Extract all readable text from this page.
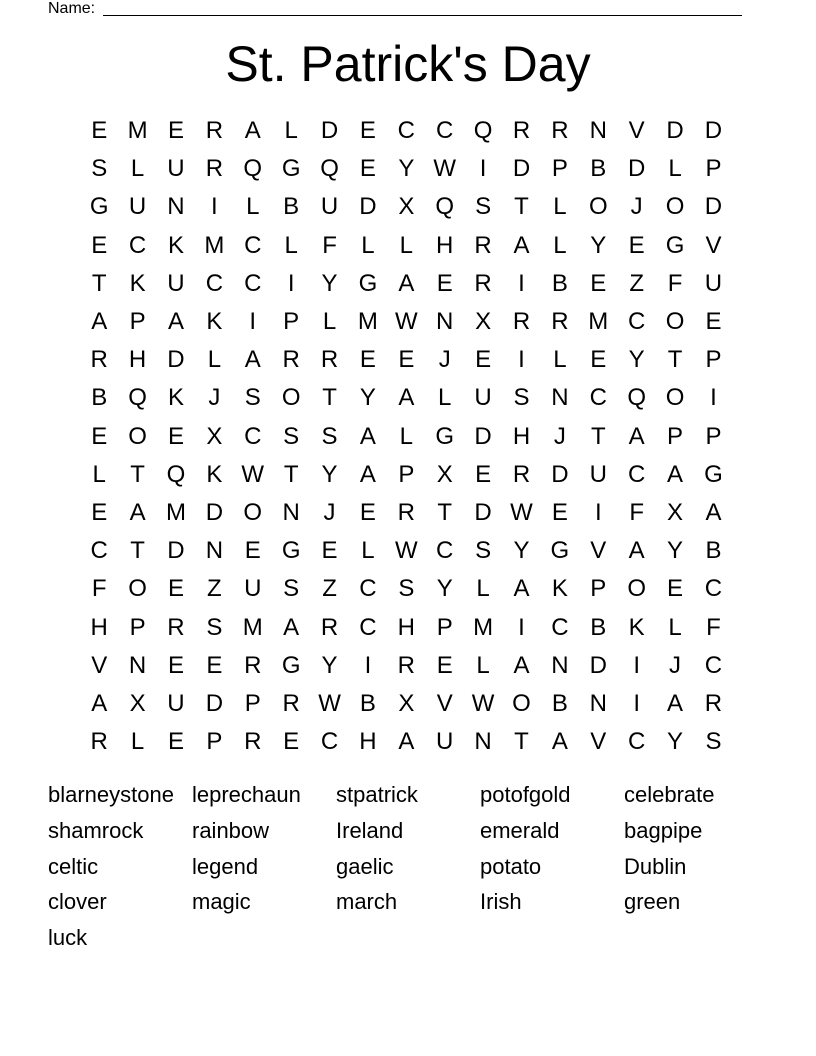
Name:
St. Patrick's Day
E M E R A L D E C C Q R R N V D D
S L U R Q G Q E Y W I	D P B D L P
G U N	I	L B U D X Q S T	L O J O D
E C K M C L	F	L	L H R A L Y E G V
T K U C C	I	Y G A E R	I	B E Z F U
A P A K	I	P L M W N X R R M C O E
R H D L A R R E E	J	E	I	L E Y T P
B Q K	J	S O T Y A L U S N C Q O	I
E O E X C S S A L G D H J	T A P P
L	T Q K W T Y A P X E R D U C A G
E A M D O N J	E R T D W E	I	F X A
C T D N E G E L W C S Y G V A Y B
F O E Z U S Z C S Y L A K P O E C
H P R S M A R C H P M	I	C B K L	F
V N E E R G Y	I	R E L A N D	I	J C
A X U D P R W B X V W O B N	I	A R
R L E P R E C H A U N T A V C Y S
blarneystone leprechaun	stpatrick	potofgold	celebrate
shamrock	rainbow	Ireland	emerald	bagpipe
celtic	legend	gaelic	potato	Dublin
clover	magic	march	Irish	green
luck
